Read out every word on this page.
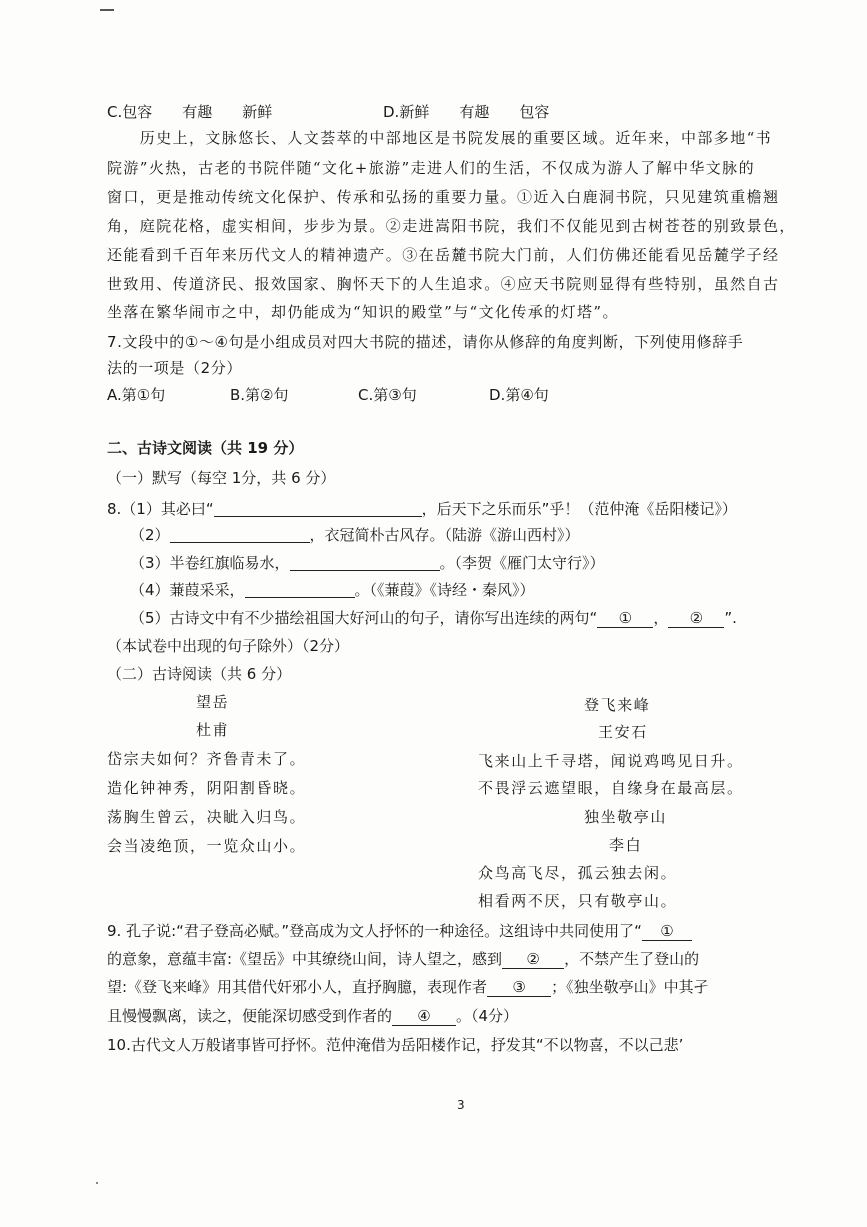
C.包容　　有趣　　新鲜	D.新鲜　　有趣　　包容
　　历史上，文脉悠长、人文荟萃的中部地区是书院发展的重要区域。近年来，中部多地“书
院游”火热，古老的书院伴随“文化+旅游”走进人们的生活，不仅成为游人了解中华文脉的
窗口，更是推动传统文化保护、传承和弘扬的重要力量。①近入白鹿洞书院，只见建筑重檐翘
角，庭院花格，虚实相间，步步为景。②走进嵩阳书院，我们不仅能见到古树苍苍的别致景色，
还能看到千百年来历代文人的精神遗产。③在岳麓书院大门前，人们仿佛还能看见岳麓学子经
世致用、传道济民、报效国家、胸怀天下的人生追求。④应天书院则显得有些特别，虽然自古
坐落在繁华闹市之中，却仍能成为“知识的殿堂”与“文化传承的灯塔”。
7.文段中的①～④句是小组成员对四大书院的描述，请你从修辞的角度判断，下列使用修辞手
法的一项是（2分）
A.第①句	B.第②句	C.第③句	D.第④句
二、古诗文阅读（共 19 分）
（一）默写（每空 1分，共 6 分）
8.（1）其必曰“	，后天下之乐而乐”乎！（范仲淹《岳阳楼记》）
（2）	，衣冠简朴古风存。（陆游《游山西村》）
（3）半卷红旗临易水，	。（李贺《雁门太守行》）
（4）蒹葭采采，	。（《蒹葭》《诗经・秦风》）
（5）古诗文中有不少描绘祖国大好河山的句子，请你写出连续的两句“ ① ， ② ”.
（本试卷中出现的句子除外）（2分）
（二）古诗阅读（共 6 分）
望岳
杜甫
岱宗夫如何？齐鲁青未了。
造化钟神秀，阴阳割昏晓。
荡胸生曾云，决眦入归鸟。
会当凌绝顶，一览众山小。
登飞来峰
王安石
飞来山上千寻塔，闻说鸡鸣见日升。
不畏浮云遮望眼，自缘身在最高层。
独坐敬亭山
李白
众鸟高飞尽，孤云独去闲。
相看两不厌，只有敬亭山。
9. 孔子说:“君子登高必赋。”登高成为文人抒怀的一种途径。这组诗中共同使用了“ ①
的意象，意蕴丰富:《望岳》中其缭绕山间，诗人望之，感到 ② ，不禁产生了登山的
望:《登飞来峰》用其借代奸邪小人，直抒胸臆，表现作者 ③ ；《独坐敬亭山》中其孑
且慢慢飘离，读之，便能深切感受到作者的 ④ 。（4分）
10.古代文人万般诸事皆可抒怀。范仲淹借为岳阳楼作记，抒发其“不以物喜，不以己悲’
3
